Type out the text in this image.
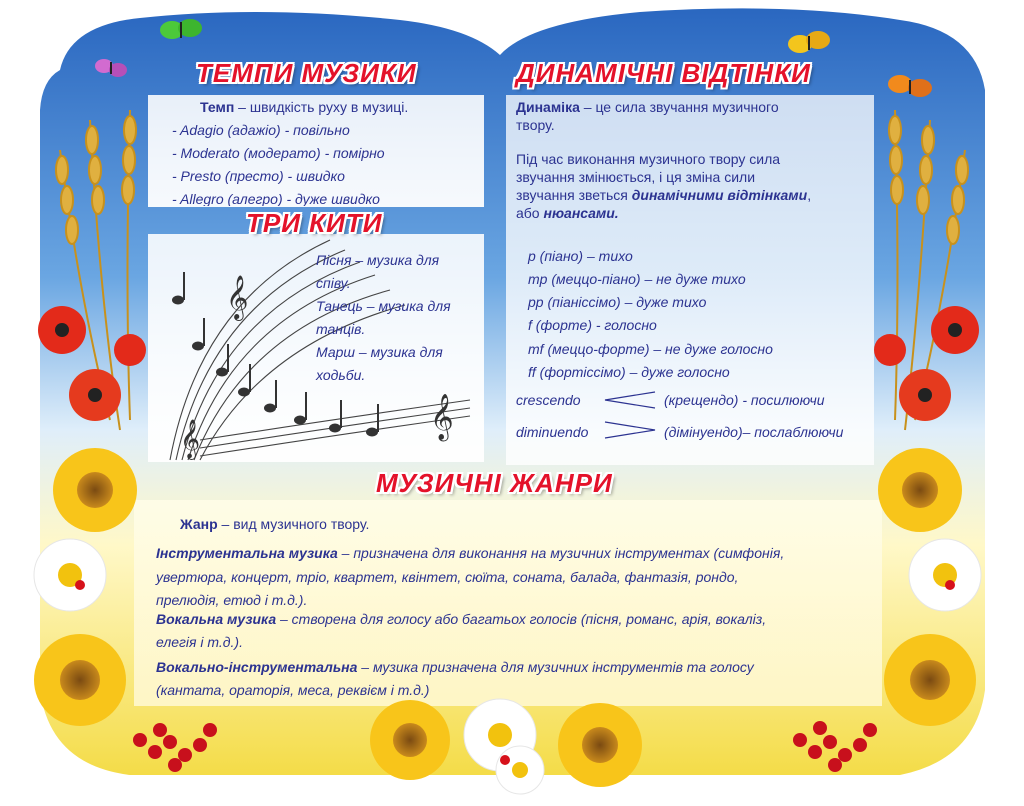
𝄞
𝄞	𝄞
ТЕМПИ МУЗИКИ	ДИНАМІЧНІ ВІДТІНКИ
ТРИ КИТИ
МУЗИЧНІ ЖАНРИ
Темп – швидкість руху в музиці.
- Adagio (адажіо) - повільно
- Moderato (модерато) - помірно
- Presto (престо) - швидко
- Allegro (алегро) - дуже швидко
Пісня – музика для
співу.
Танець – музика для
танців.
Марш – музика для
ходьби.
Динаміка – це сила звучання музичного
твору.
Під час виконання музичного твору сила
звучання змінюється, і ця зміна сили
звучання зветься динамічними відтінками,
або нюансами.
p (піано) – тихо
mp (меццо-піано) – не дуже тихо
pp (піаніссімо) – дуже тихо
f (форте) - голосно
mf (меццо-форте) – не дуже голосно
ff (фортіссімо) – дуже голосно
crescendo	(крещендо) - посилюючи
diminuendo	(дімінуендо)– послаблюючи
Жанр – вид музичного твору.
Інструментальна музика – призначена для виконання на музичних інструментах (симфонія,
увертюра, концерт, тріо, квартет, квінтет, сюїта, соната, балада, фантазія, рондо,
прелюдія, етюд і т.д.).
Вокальна музика – створена для голосу або багатьох голосів (пісня, романс, арія, вокаліз,
елегія і т.д.).
Вокально-інструментальна – музика призначена для музичних інструментів та голосу
(кантата, ораторія, меса, реквієм і т.д.)
